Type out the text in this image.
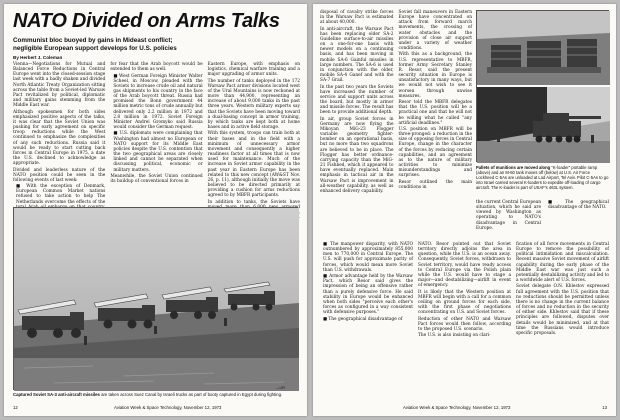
NATO Divided on Arms Talks
Communist bloc buoyed by gains in Mideast conflict;
negligible European support develops for U.S. policies
By Herbert J. Coleman

Vienna—Negotiations for Mutual and Balanced Force Reductions in Central Europe went into the closed-session stage last week with a badly shaken and divided North Atlantic Treaty Organization sitting across the table from a Soviet-led Warsaw Pact revitalized by political, diplomatic and military gains stemming from the Middle East war.

Although spokesmen for both sides emphasized positive aspects of the talks, it was clear that the Soviet Union was pushing for early agreement on specific troop reductions while the West continued to emphasize the complexities of any such reductions. Russia said it would be ready to start cutting back forces in Central Europe in 1975, a date the U.S. declined to acknowledge as appropriate.

Divided and leaderless nature of the NATO position could be seen in the following events of last week:

■ With the exception of Denmark, European Common Market nations refused to take action to help The Netherlands overcome the effects of the

for fear that the Arab boycott would be extended to them as well.

■ West German Foreign Minister Walter Scheel, in Moscow, pleaded with the Soviets to increase crude oil and natural gas shipments to his country in the face of the Arab boycott threat. Russia had promised the Bonn government 44 million metric tons of crude annually but delivered only 2.2 million in 1972 and 2.8 million in 1972. Soviet Foreign Minister Andrei Gromyko said Russia would consider the German request.

■ U.S. diplomats were complaining that Washington had almost no European or NATO support for its Middle East policies despite the U.S. contention that the two geographical areas are closely linked and cannot be separated when discussing political, economic or military matters.

Meanwhile, the Soviet Union continued its buildup of conventional forces in

Eastern Europe, with emphasis on logistics, chemical warfare training and a major upgrading of armor units.

The number of tanks deployed in the 172 Warsaw Pact armor divisions located west of the Ural Mountains is now reckoned at more than 44,900, representing an increase of about 9,000 tanks in the past three years. Western military experts say that the Soviets have been moving toward a dual-basing concept in armor training, by which tanks are kept both at home bases and in active field storage.

With this system, troops can train both at their bases and in the field with a minimum of unnecessary armor movement and consequently a higher readiness factor at all times that is now used for maintenance. Much of the increase in Soviet armor capability in the past year in Eastern Europe has been related to this new concept (AW&ST Nov. 26, p. 11), although initially the move was believed to be directed primarily at providing a cushion for arms reductions agreed to by MBFR participants.

In addition to tanks, the Soviets have

—UPI
Captured Soviet SA-3 anti-aircraft missiles are taken across Suez Canal by Israeli trucks as part of booty captured in Egypt during fighting.
12	Aviation Week & Space Technology, November 12, 1973

disposal of cavalry strike forces in the Warsaw Pact is estimated at about 40,000.

In anti-aircraft, the Warsaw Pact has been replacing older SA-2 Guideline surface-to-air missiles on a one-for-one basis with newer models on a continuing basis, and has been moving in mobile SA-6 Gainful missiles in large numbers. The SA-6 is used in conjunction with the older, mobile SA-4 Ganef and with the SA-7 Grail.

In the past two years the Soviets have increased the number of service and support units across the board, but mostly in armor and missile forces. The result has been to provide additional depth.

In air, group Soviet forces in Germany are now flying the Mikoyan MiG-23 Flogger variable geometry fighter-bomber on an operational basis, but no more than two squadrons are believed to be in place. The Flogger has better ordnance-carrying capacity than the MiG-21 Fishbed, which it appeared to have eventually replaced. Main emphasis in tactical air in the Warsaw Pact is improvement in all-weather capability, as well as enhanced delivery capability.

Soviet fall maneuvers in Eastern Europe have concentrated on attack from forward march movements, the crossing of water obstacles and the provision of close air support under a variety of weather conditions.

With this as a background, the U.S. representative to MBFR, former Army Secretary Stanley R. Resor, said the present security situation in Europe is unsatisfactory in many ways, but we would not wish to see it worsen through unwise measures.

Resor told the MBFR delegates that the U.S. position will be a practical one and that he will not be willing what he called "any artificial deadlines."

U.S. position on MBFR will be three-pronged: a reduction in the size of opposing forces in Central Europe, change in the character of the forces by reducing certain capabilities, and an agreement as to the nature of military activities to minimize misunderstandings and surprises.

Resor outlined the main conditions in

Pallets of munitions are moved along "K-loader" portable ramp (above) and an M-60 tank moves off (below) at U.S. Air Force Lockheed C-5As are unloaded at Lod Airport, Tel Aviv. Pilot C-5As to go into Israel carried several K-loaders to expedite off-loading of cargo aircraft. The K-loader is part of USAF's 463L system.

the current Central European situation, which he said are viewed by Washington as operating to NATO's disadvantage in Central Europe.

■ The geographical disadvantage of the NATO.

■ The manpower disparity, with NATO outnumbered by approximately 855,000 men to 770,000 in Central Europe. The U.S. will push for approximate parity of forces, which would mean more Soviet than U.S. withdrawals.

■ Armor advantage held by the Warsaw Pact, which Resor said gives the impression of being an offensive rather than a purely defensive force. He said stability in Europe would be enhanced when both sides "perceive each other's forces as configured in a way consistent with defensive purposes."

■ The geographical disadvantage of

NATO. Resor pointed out that Soviet territory directly adjoins the area in question, while the U.S. is an ocean away. Consequently, Soviet forces, withdrawn to Soviet territory, would have ready access to Central Europe via the Polish plain while the U.S. would have to stage a major—and destabilizing—airlift in event of emergency.

It is likely that the Western position at MBFR will begin with a call for a common ceiling on ground forces for each side, with the first phase of negotiations concentrating on U.S. and Soviet forces.

Reduction of other NATO and Warsaw Pact forces would then follow, according to the proposed U.S. scenario.

The U.S. is also insisting on clari-

fication of all force movements in Central Europe to remove the possibility of political intimidation and miscalculation. Recent massive Soviet movement of airlift capability during the early phase of the Middle East war was just such a potentially destabilizing activity and led to a worldwide alert of U.S. forces.

Soviet delegate O.N. Khlestov expressed full agreement with the U.S. position that no reductions should be permitted unless there is no change in the current balance of forces and no reduction in the security of either side. Khlestov said that if these principles are followed, disputes over details would be minimized, and at that time the Russians would introduce specific proposals.

Aviation Week & Space Technology, November 12, 1973	13
